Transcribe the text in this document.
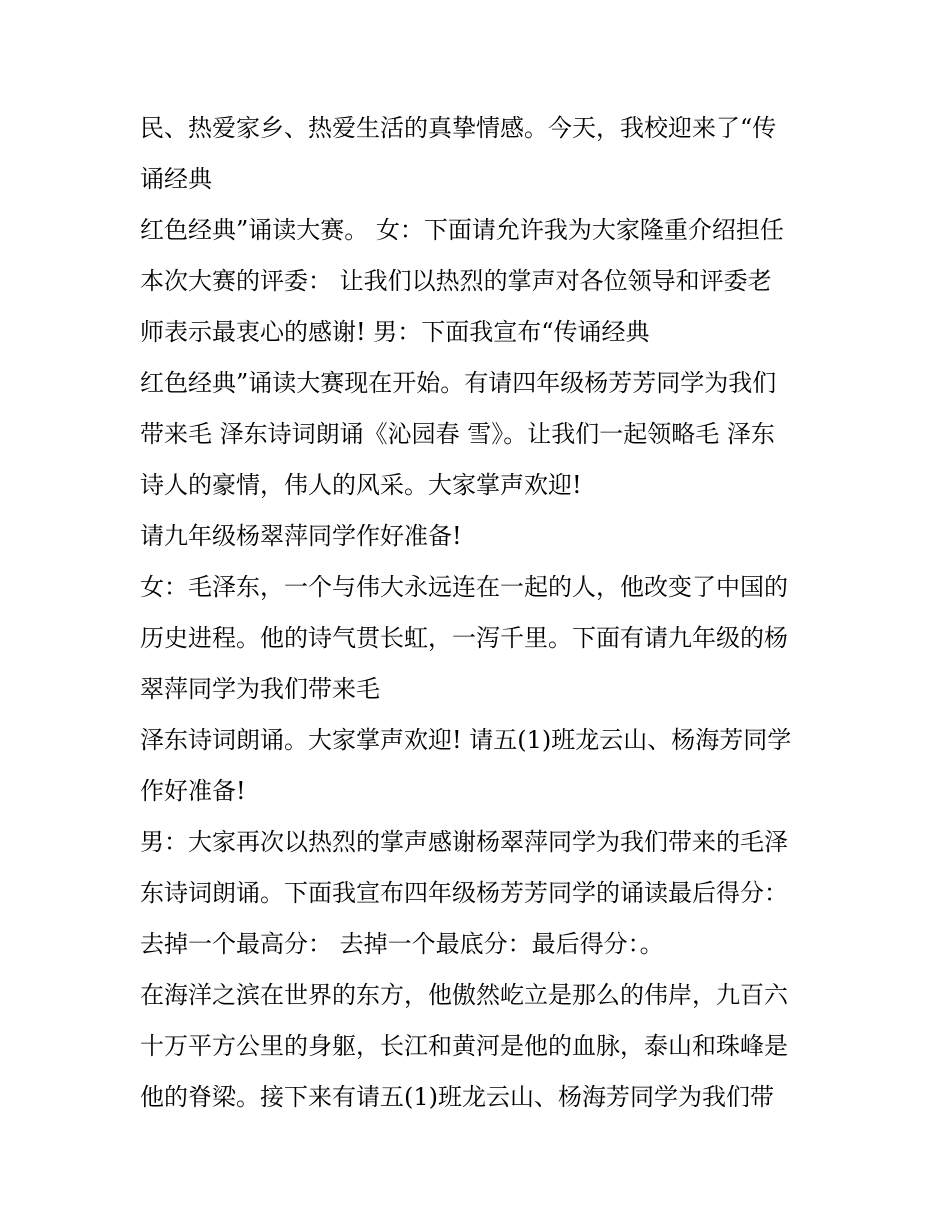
民、热爱家乡、热爱生活的真挚情感。今天，我校迎来了“传
诵经典
红色经典”诵读大赛。 女：下面请允许我为大家隆重介绍担任
本次大赛的评委： 让我们以热烈的掌声对各位领导和评委老
师表示最衷心的感谢! 男：下面我宣布“传诵经典
红色经典”诵读大赛现在开始。有请四年级杨芳芳同学为我们
带来毛 泽东诗词朗诵《沁园春 雪》。让我们一起领略毛 泽东
诗人的豪情，伟人的风采。大家掌声欢迎!
请九年级杨翠萍同学作好准备!
女：毛泽东，一个与伟大永远连在一起的人，他改变了中国的
历史进程。他的诗气贯长虹，一泻千里。下面有请九年级的杨
翠萍同学为我们带来毛
泽东诗词朗诵。大家掌声欢迎! 请五(1)班龙云山、杨海芳同学
作好准备!
男：大家再次以热烈的掌声感谢杨翠萍同学为我们带来的毛泽
东诗词朗诵。下面我宣布四年级杨芳芳同学的诵读最后得分：
去掉一个最高分： 去掉一个最底分：最后得分：。
在海洋之滨在世界的东方，他傲然屹立是那么的伟岸，九百六
十万平方公里的身躯，长江和黄河是他的血脉，泰山和珠峰是
他的脊梁。接下来有请五(1)班龙云山、杨海芳同学为我们带
